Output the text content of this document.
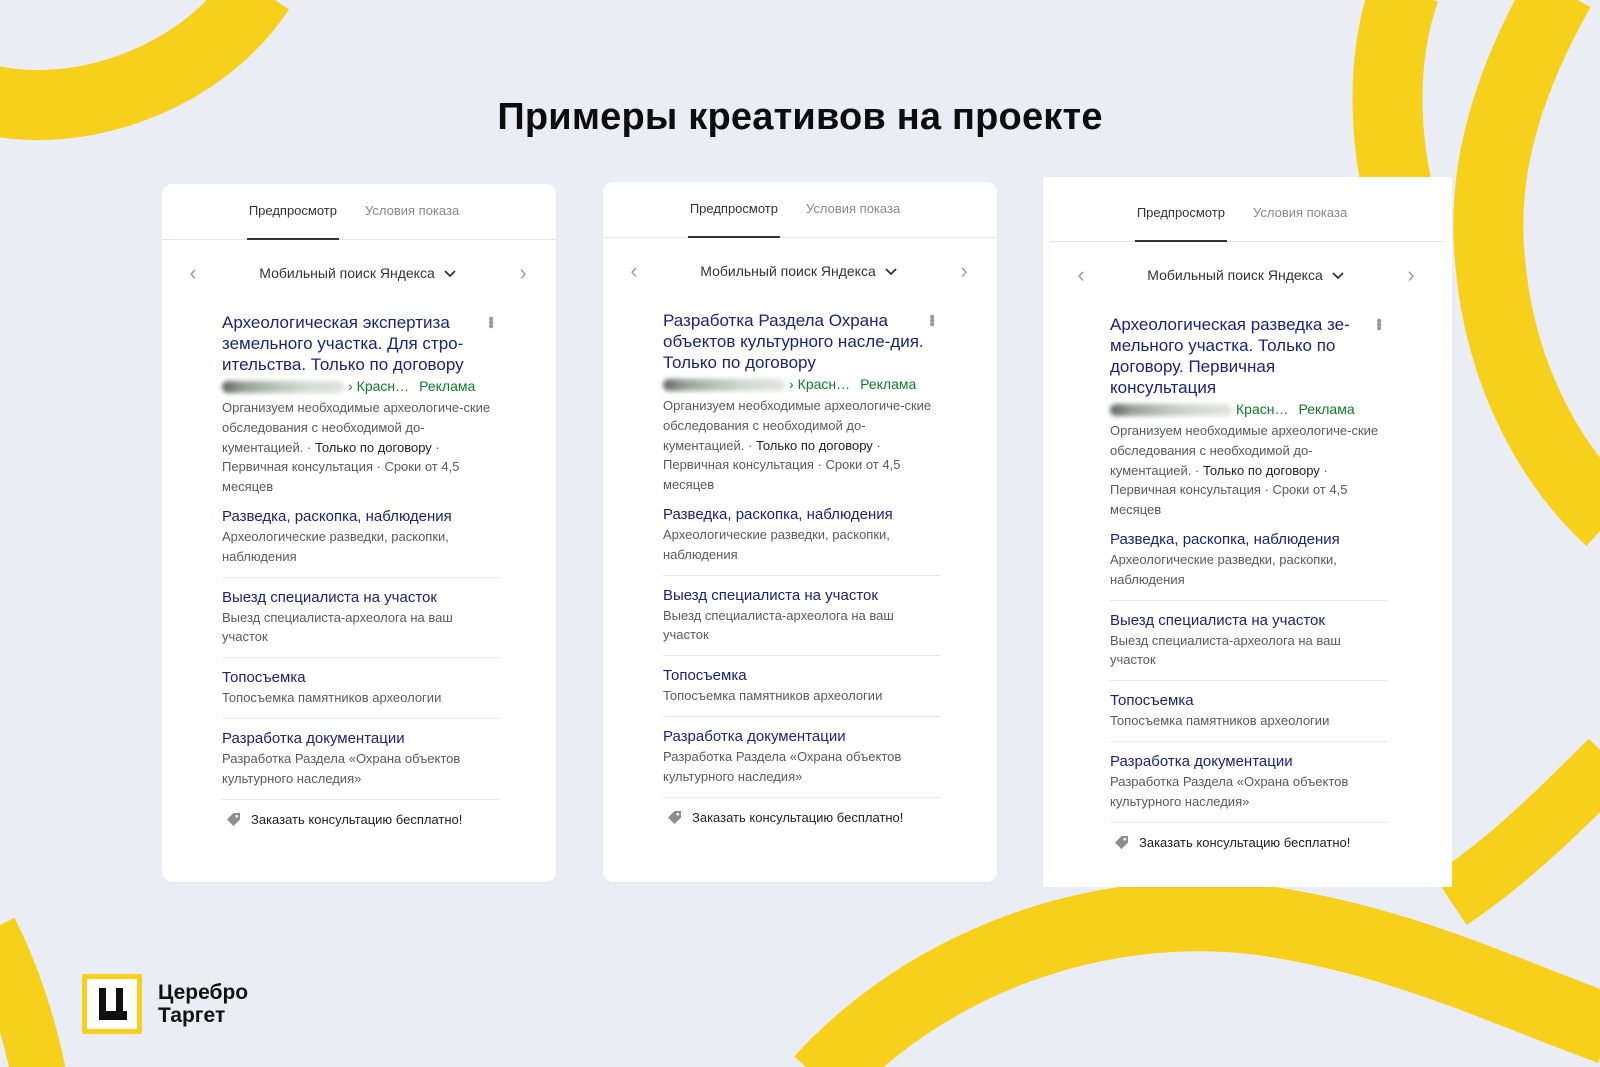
Примеры креативов на проекте
Предпросмотр Условия показа
‹	Мобильный поиск Яндекса	›
•••
Археологическая экспертиза земельного участка. Для стро-ительства. Только по договору
› Красн… Реклама
Организуем необходимые археологиче-ские обследования с необходимой до-кументацией. · Только по договору · Первичная консультация · Сроки от 4,5 месяцев
Разведка, раскопка, наблюдения
Археологические разведки, раскопки, наблюдения
Выезд специалиста на участок
Выезд специалиста-археолога на ваш участок
Топосъемка
Топосъемка памятников археологии
Разработка документации
Разработка Раздела «Охрана объектов культурного наследия»
Заказать консультацию бесплатно!
Предпросмотр Условия показа
‹	Мобильный поиск Яндекса	›
•••
Разработка Раздела Охрана объектов культурного насле-дия. Только по договору
› Красн… Реклама
Организуем необходимые археологиче-ские обследования с необходимой до-кументацией. · Только по договору · Первичная консультация · Сроки от 4,5 месяцев
Разведка, раскопка, наблюдения
Археологические разведки, раскопки, наблюдения
Выезд специалиста на участок
Выезд специалиста-археолога на ваш участок
Топосъемка
Топосъемка памятников археологии
Разработка документации
Разработка Раздела «Охрана объектов культурного наследия»
Заказать консультацию бесплатно!
Предпросмотр Условия показа
‹	Мобильный поиск Яндекса	›
•••
Археологическая разведка зе-мельного участка. Только по договору. Первичная консультация
Красн… Реклама
Организуем необходимые археологиче-ские обследования с необходимой до-кументацией. · Только по договору · Первичная консультация · Сроки от 4,5 месяцев
Разведка, раскопка, наблюдения
Археологические разведки, раскопки, наблюдения
Выезд специалиста на участок
Выезд специалиста-археолога на ваш участок
Топосъемка
Топосъемка памятников археологии
Разработка документации
Разработка Раздела «Охрана объектов культурного наследия»
Заказать консультацию бесплатно!
Церебро
Таргет
